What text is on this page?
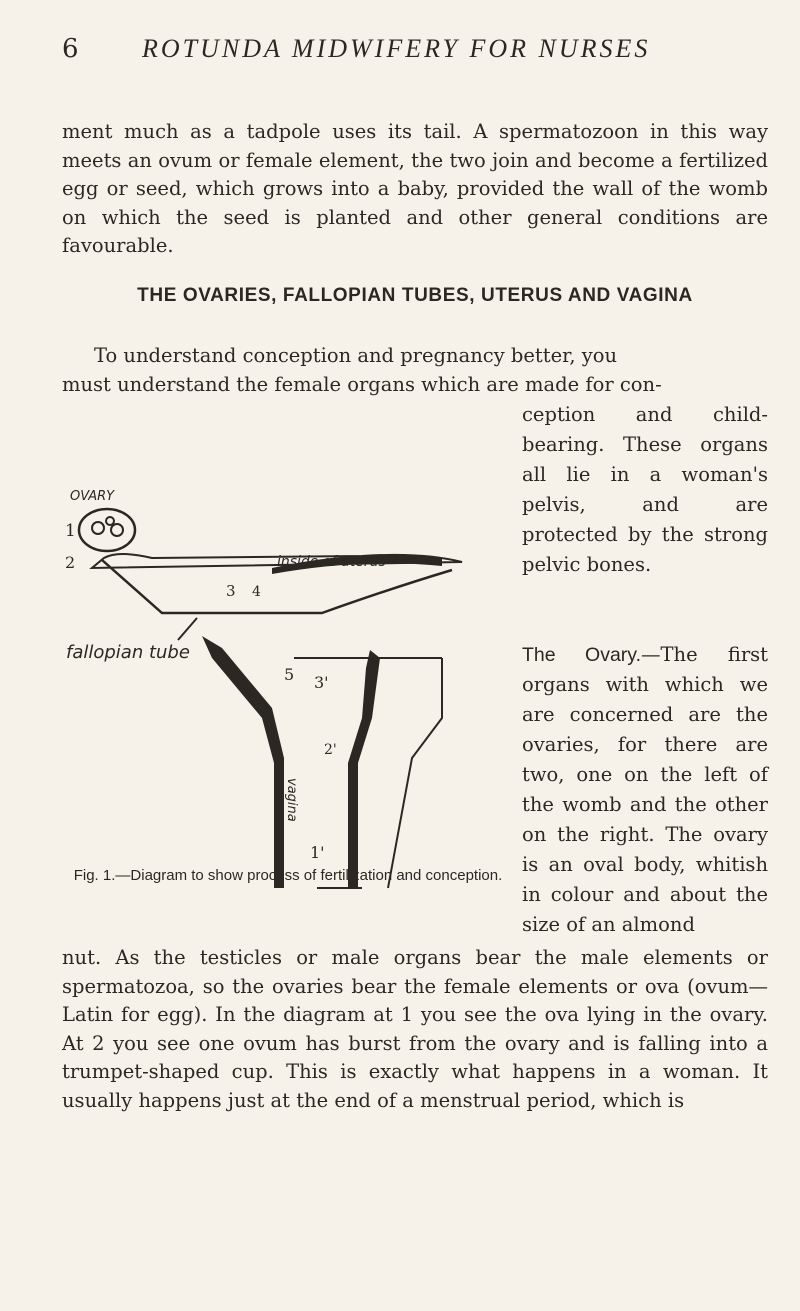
6 ROTUNDA MIDWIFERY FOR NURSES
ment much as a tadpole uses its tail. A spermatozoon in this way meets an ovum or female element, the two join and become a fertilized egg or seed, which grows into a baby, provided the wall of the womb on which the seed is planted and other general conditions are favourable.
THE OVARIES, FALLOPIAN TUBES, UTERUS AND VAGINA
To understand conception and pregnancy better, you
must understand the female organs which are made for con-
ception and child-bearing. These organs all lie in a woman's pelvis, and are protected by the strong pelvic bones.
The Ovary.—The first organs with which we are concerned are the ovaries, for there are two, one on the left of the womb and the other on the right. The ovary is an oval body, whitish in colour and about the size of an almond
OVARY
1
2
3 4
fallopian tube
inside of uterus
5 3'
2'
1'
vagina
Fig. 1.—Diagram to show process of fertilization and conception.
nut. As the testicles or male organs bear the male elements or spermatozoa, so the ovaries bear the female elements or ova (ovum—Latin for egg). In the diagram at 1 you see the ova lying in the ovary. At 2 you see one ovum has burst from the ovary and is falling into a trumpet-shaped cup. This is exactly what happens in a woman. It usually happens just at the end of a menstrual period, which is
